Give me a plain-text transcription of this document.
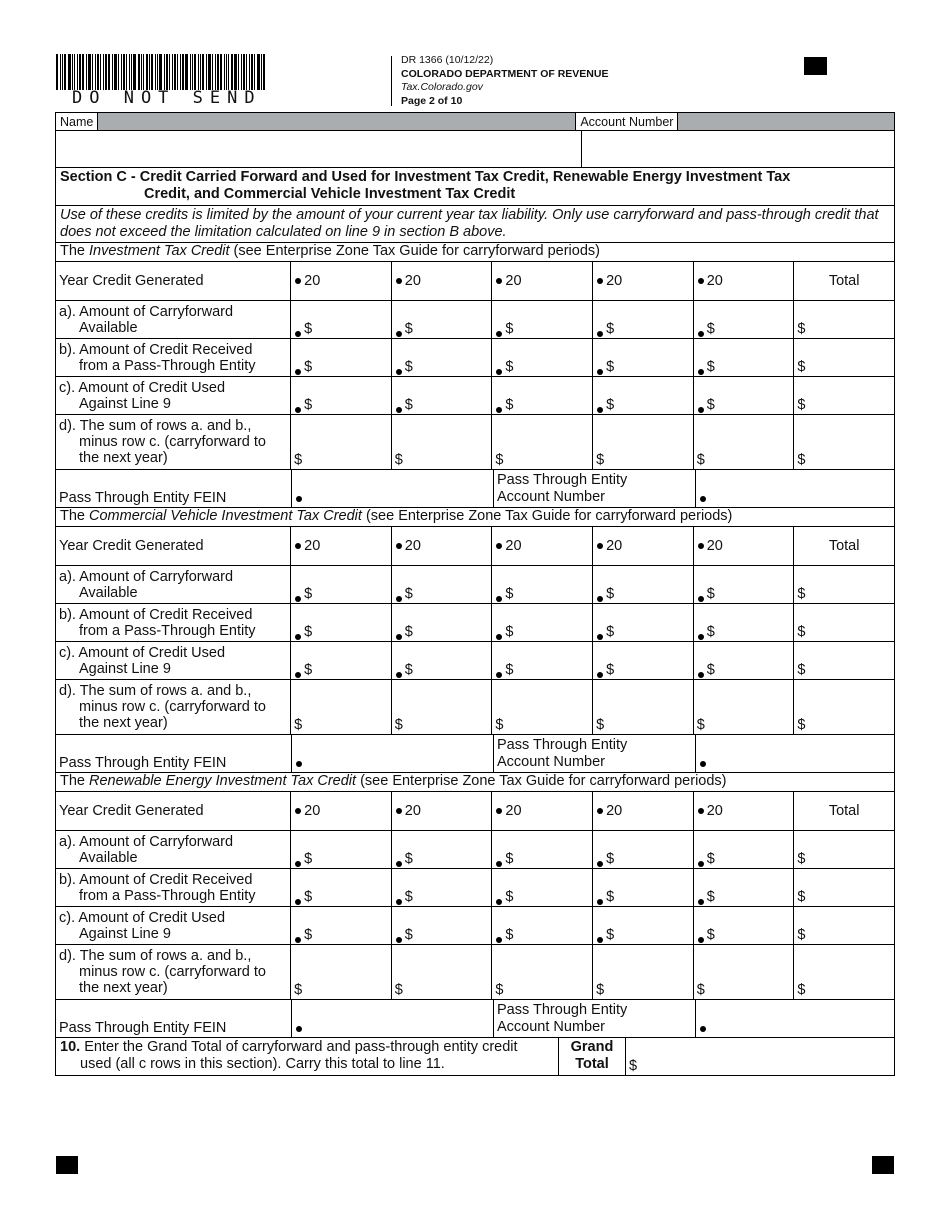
DO NOT SEND
DR 1366 (10/12/22)
COLORADO DEPARTMENT OF REVENUE
Tax.Colorado.gov
Page 2 of 10
Name	Account Number
Section C - Credit Carried Forward and Used for Investment Tax Credit, Renewable Energy Investment Tax
Credit, and Commercial Vehicle Investment Tax Credit
Use of these credits is limited by the amount of your current year tax liability. Only use carryforward and pass-through credit that does not exceed the limitation calculated on line 9 in section B above.
The Investment Tax Credit (see Enterprise Zone Tax Guide for carryforward periods)
Year Credit Generated	20	20	20	20	20	Total
a). Amount of Carryforward
Available	$	$	$	$	$	$
b). Amount of Credit Received
from a Pass-Through Entity	$	$	$	$	$	$
c). Amount of Credit Used
Against Line 9	$	$	$	$	$	$
d). The sum of rows a. and b.,
minus row c. (carryforward to
the next year)	$	$	$	$	$	$
Pass Through Entity FEIN
Pass Through Entity
Account Number
The Commercial Vehicle Investment Tax Credit (see Enterprise Zone Tax Guide for carryforward periods)
Year Credit Generated	20	20	20	20	20	Total
a). Amount of Carryforward
Available	$	$	$	$	$	$
b). Amount of Credit Received
from a Pass-Through Entity	$	$	$	$	$	$
c). Amount of Credit Used
Against Line 9	$	$	$	$	$	$
d). The sum of rows a. and b.,
minus row c. (carryforward to
the next year)	$	$	$	$	$	$
Pass Through Entity FEIN
Pass Through Entity
Account Number
The Renewable Energy Investment Tax Credit (see Enterprise Zone Tax Guide for carryforward periods)
Year Credit Generated	20	20	20	20	20	Total
a). Amount of Carryforward
Available	$	$	$	$	$	$
b). Amount of Credit Received
from a Pass-Through Entity	$	$	$	$	$	$
c). Amount of Credit Used
Against Line 9	$	$	$	$	$	$
d). The sum of rows a. and b.,
minus row c. (carryforward to
the next year)	$	$	$	$	$	$
Pass Through Entity FEIN
Pass Through Entity
Account Number
10. Enter the Grand Total of carryforward and pass-through entity credit
used (all c rows in this section). Carry this total to line 11.
Grand
Total	$
